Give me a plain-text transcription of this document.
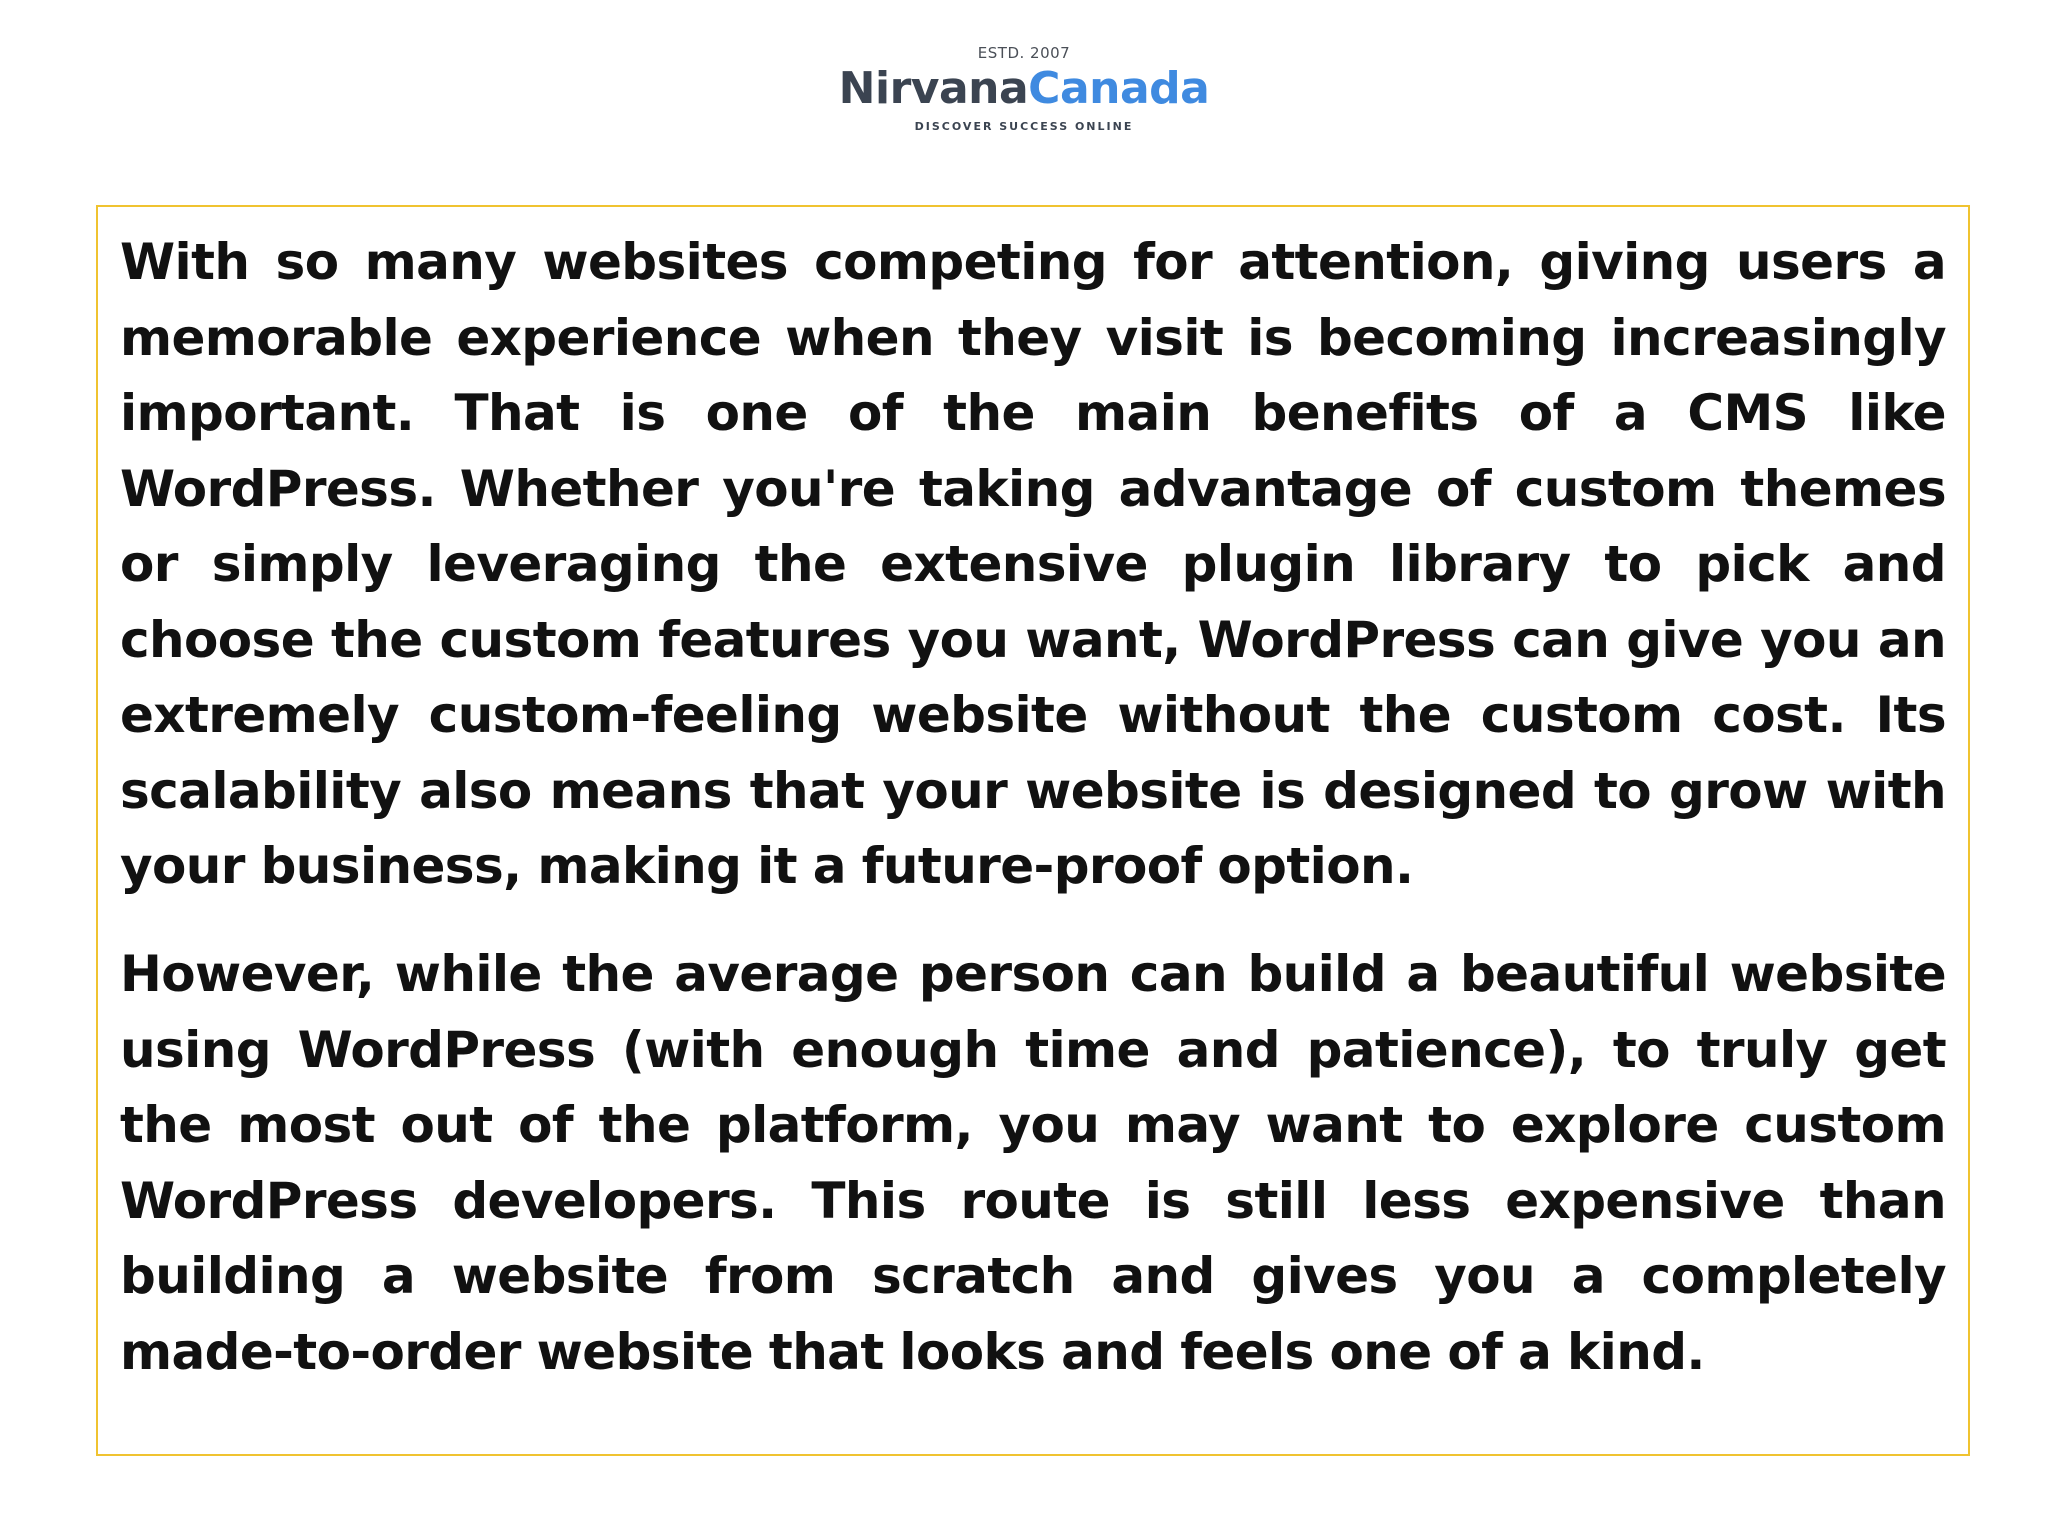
ESTD. 2007
NirvanaCanada
DISCOVER SUCCESS ONLINE

With so many websites competing for attention, giving users a memorable experience when they visit is becoming increasingly important. That is one of the main benefits of a CMS like WordPress. Whether you're taking advantage of custom themes or simply leveraging the extensive plugin library to pick and choose the custom features you want, WordPress can give you an extremely custom-feeling website without the custom cost. Its scalability also means that your website is designed to grow with your business, making it a future-proof option.

However, while the average person can build a beautiful website using WordPress (with enough time and patience), to truly get the most out of the platform, you may want to explore custom WordPress developers. This route is still less expensive than building a website from scratch and gives you a completely made-to-order website that looks and feels one of a kind.
